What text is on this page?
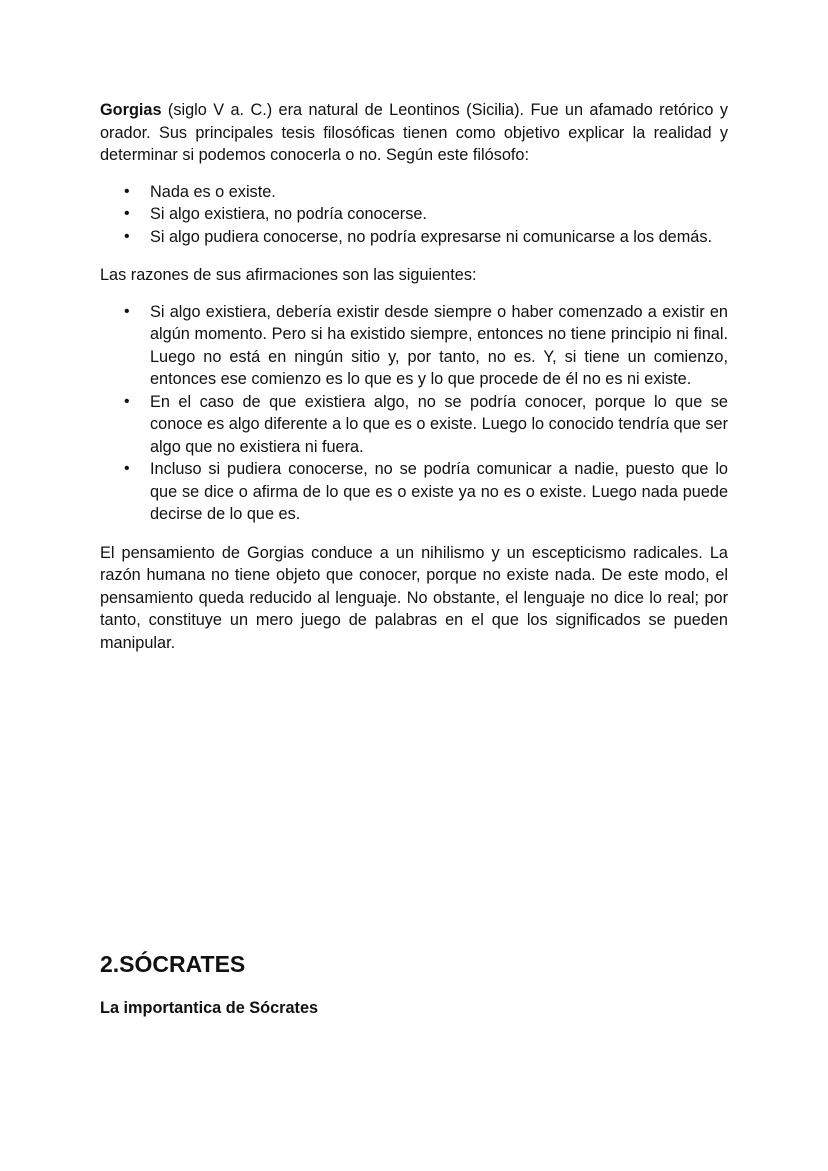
Gorgias (siglo V a. C.) era natural de Leontinos (Sicilia). Fue un afamado retórico y orador. Sus principales tesis filosóficas tienen como objetivo explicar la realidad y determinar si podemos conocerla o no. Según este filósofo:

• Nada es o existe.
• Si algo existiera, no podría conocerse.
• Si algo pudiera conocerse, no podría expresarse ni comunicarse a los demás.

Las razones de sus afirmaciones son las siguientes:

• Si algo existiera, debería existir desde siempre o haber comenzado a existir en algún momento. Pero si ha existido siempre, entonces no tiene principio ni final. Luego no está en ningún sitio y, por tanto, no es. Y, si tiene un comienzo, entonces ese comienzo es lo que es y lo que procede de él no es ni existe.
• En el caso de que existiera algo, no se podría conocer, porque lo que se conoce es algo diferente a lo que es o existe. Luego lo conocido tendría que ser algo que no existiera ni fuera.
• Incluso si pudiera conocerse, no se podría comunicar a nadie, puesto que lo que se dice o afirma de lo que es o existe ya no es o existe. Luego nada puede decirse de lo que es.

El pensamiento de Gorgias conduce a un nihilismo y un escepticismo radicales. La razón humana no tiene objeto que conocer, porque no existe nada. De este modo, el pensamiento queda reducido al lenguaje. No obstante, el lenguaje no dice lo real; por tanto, constituye un mero juego de palabras en el que los significados se pueden manipular.

2.SÓCRATES
La importantica de Sócrates
